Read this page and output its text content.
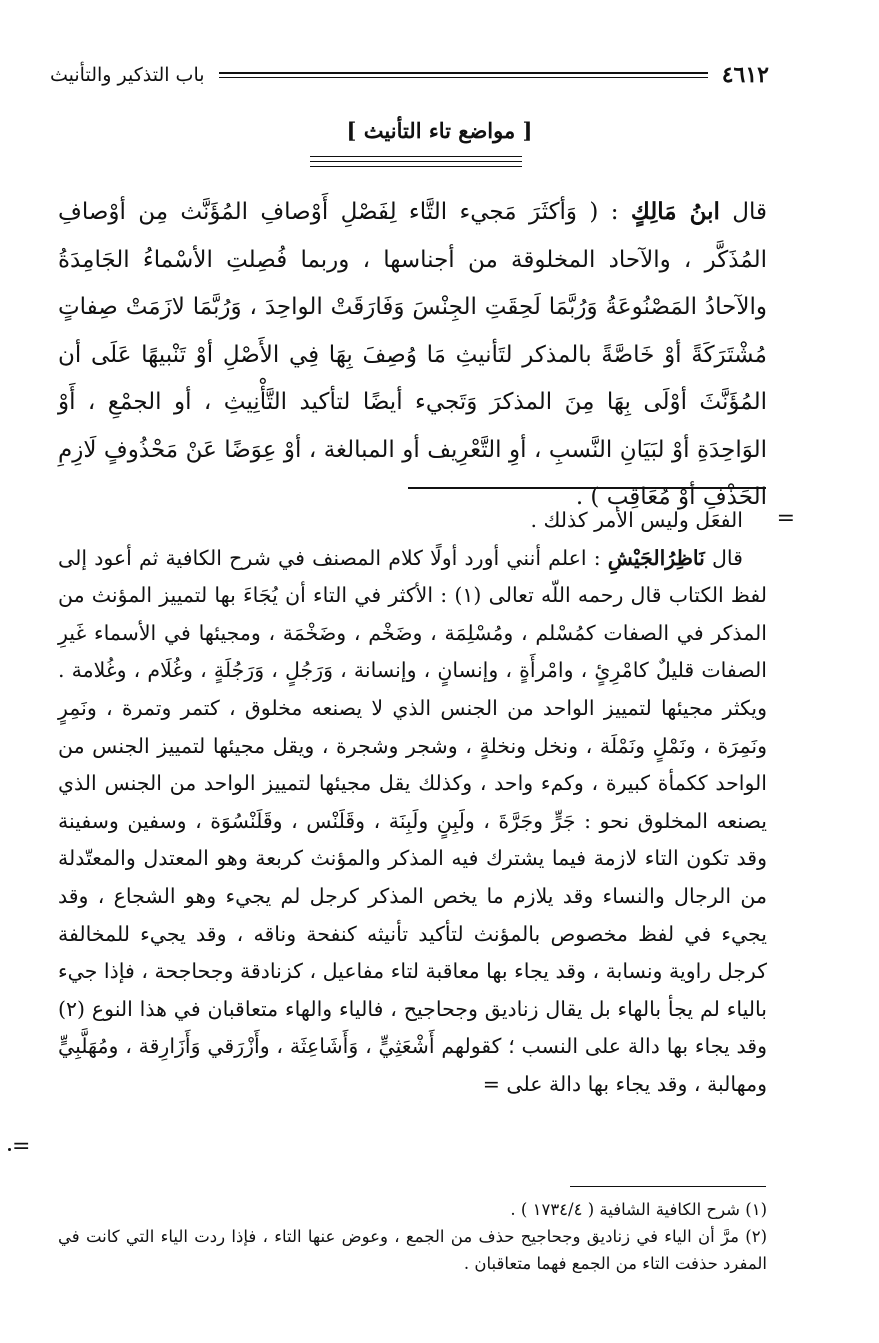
٤٦١٢
باب التذكير والتأنيث
[ مواضع تاء التأنيث ]
قال ابنُ مَالِكٍ : ( وَأكثَرَ مَجيء التَّاء لِفَصْلِ أَوْصافِ المُؤَنَّث مِن أوْصافِ المُذَكَّر ، والآحاد المخلوقة من أجناسها ، وربما فُصِلتِ الأسْماءُ الجَامِدَةُ والآحادُ المَصْنُوعَةُ وَرُبَّمَا لَحِقَتِ الجِنْسَ وَفَارَقَتْ الواحِدَ ، وَرُبَّمَا لازَمَتْ صِفاتٍ مُشْتَرَكَةً أوْ خَاصَّةً بالمذكر لتَأنيثِ مَا وُصِفَ بِهَا فِي الأَصْلِ أوْ تَنْبيهًا عَلَى أن المُؤَنَّثَ أوْلَى بِهَا مِنَ المذكرَ وَتَجيء أيضًا لتأكيد التَّأْنِيثِ ، أو الجمْعِ ، أَوْ الوَاحِدَةِ أوْ لبَيَانِ النَّسبِ ، أوِ التَّعْرِيف أو المبالغة ، أوْ عِوَضًا عَنْ مَحْذُوفٍ لَازِمِ الحَذْفِ أوْ مُعَاقِب ) .
=

الفعَل وليس الأمر كذلك .

قال نَاظِرُالجَيْشِ : اعلم أنني أورد أولًا كلام المصنف في شرح الكافية ثم أعود إلى لفظ الكتاب قال رحمه اللّه تعالى (١) : الأكثر في التاء أن يُجَاءَ بها لتمييز المؤنث من المذكر في الصفات كمُسْلم ، ومُسْلِمَة ، وضَخْم ، وضَخْمَة ، ومجيئها في الأسماء غَيرِ الصفات قليلٌ كامْرِئٍ ، وامْرأَةٍ ، وإنسانٍ ، وإنسانة ، وَرَجُلٍ ، وَرَجُلَةٍ ، وغُلَام ، وغُلامة . ويكثر مجيئها لتمييز الواحد من الجنس الذي لا يصنعه مخلوق ، كتمر وتمرة ، ونَمِرٍ ونَمِرَة ، ونَمْلٍ ونَمْلَة ، ونخل ونخلةٍ ، وشجر وشجرة ، ويقل مجيئها لتمييز الجنس من الواحد ككمأة كبيرة ، وكمء واحد ، وكذلك يقل مجيئها لتمييز الواحد من الجنس الذي يصنعه المخلوق نحو : جَرٍّ وجَرَّةَ ، ولَبِنٍ ولَبِنَة ، وقَلَنْس ، وقَلَنْسُوَة ، وسفين وسفينة وقد تكون التاء لازمة فيما يشترك فيه المذكر والمؤنث كربعة وهو المعتدل والمعتّدلة من الرجال والنساء وقد يلازم ما يخص المذكر كرجل لم يجيء وهو الشجاع ، وقد يجيء في لفظ مخصوص بالمؤنث لتأكيد تأنيثه كنفحة وناقه ، وقد يجيء للمخالفة كرجل راوية ونسابة ، وقد يجاء بها معاقبة لتاء مفاعيل ، كزنادقة وجحاجحة ، فإذا جيء بالياء لم يجأ بالهاء بل يقال زناديق وجحاجيح ، فالياء والهاء متعاقبان في هذا النوع (٢) وقد يجاء بها دالة على النسب ؛ كقولهم أَشْعَثِيٍّ ، وَأَشَاعِثَة ، وأَزْرَقي وَأَزَارِقة ، ومُهَلَّبِيٍّ ومهالبة ، وقد يجاء بها دالة على =

=

(١) شرح الكافية الشافية ( ١٧٣٤/٤ ) .

(٢) مرَّ أن الياء في زناديق وجحاجيح حذف من الجمع ، وعوض عنها التاء ، فإذا ردت الياء التي كانت في المفرد حذفت التاء من الجمع فهما متعاقبان .
